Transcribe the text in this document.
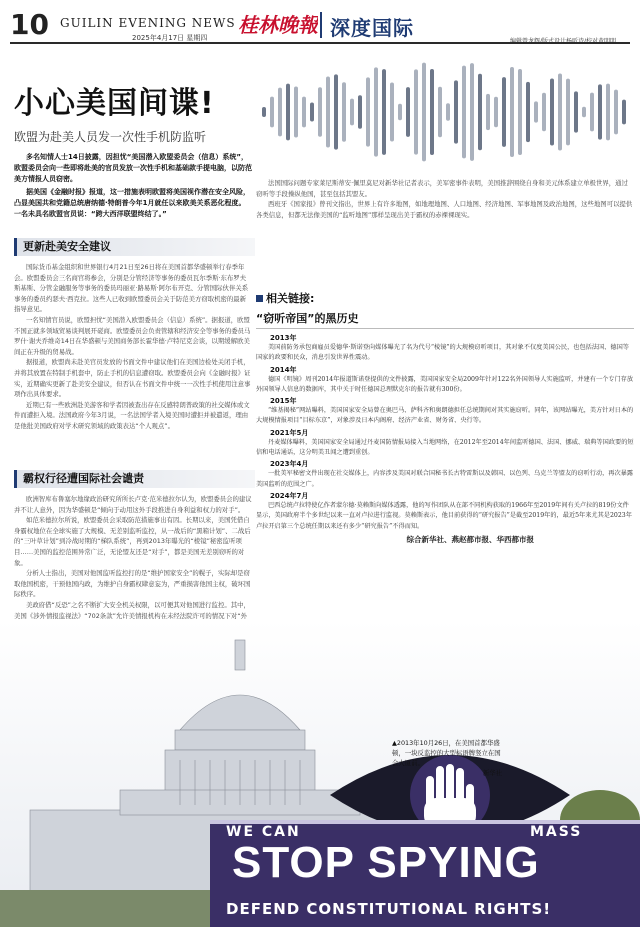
10 GUILIN EVENING NEWS
2025年4月17日 星期四
桂林晚報 深度国际
小心美国间谍!
欧盟为赴美人员发一次性手机防监听

多名知情人士14日披露，因担忧“美国潜入欧盟委员会（信息）系统”，欧盟委员会向一些即将赴美的官员发放一次性手机和基础款手提电脑，以防范美方情报人员窃密。

据美国《金融时报》报道，这一措施表明欧盟将美国视作潜在安全风险，凸显美国共和党籍总统唐纳德·特朗普今年1月就任以来欧美关系恶化程度。一名未具名欧盟官员说：“跨大西洋联盟终结了。”

更新赴美安全建议

国际货币基金组织和世界银行4月21日至26日将在美国首都华盛顿举行春季年会。欧盟委员会三名商官将参会，分别是分管经济等事务的委员瓦尔季斯·东布罗夫斯基斯、分管金融服务等事务的委员玛丽亚·路易斯·阿尔布开克、分管国际伙伴关系事务的委员约瑟夫·西克拉。这些人已收到欧盟委员会关于防范美方窃取机密的最新指导意见。

一名知情官员说，欧盟担忧“美国潜入欧盟委员会（信息）系统”。据报道，欧盟不国正就多领域贸易谈判展开磋商。欧盟委员会负责管辖和经济安全等事务的委员马罗什·谢夫乔维奇14日在华盛顿与美国商务部长霍华德·卢特尼克会谈，以期缓解欧美间正在升级的贸易战。

据报道，欧盟尚未赴美官员发放的书面文件中建议他们在美国边检处关闭手机，并将其放置在特制手机套中，防止手机的信息遭窃取。欧盟委员会向《金融时报》证实，近期确实更新了赴美安全建议，但否认在书面文件中统一一次性手机使用注意事项作出具体要求。

近期已有一些欧洲赴美游客和学者因被查出存在反感特朗普政策的社交媒体或文件而遭拒入境。法国政府今年3月说，一名法国学者入境美国时遭拒并被遣返，理由是他批美国政府对学术研究领域的政策表达“个人观点”。

霸权行径遭国际社会谴责

欧洲智库布鲁塞尔地缘政治研究所所长卢克·范米德拉尔认为，欧盟委员会的建议并不让人意外，因为华盛顿是“倾向于动用这外手段推进自身利益和权力的对手”。

如范米德拉尔所说，欧盟委员会采取防范措施事出有因。长期以来，美国凭借自身霸权地位在全球实施了大规模、无差别监听监控，从一战后的“黑箱计划”、二战后的“三叶草计划”到冷战时期的“梯队系统”，再到2013年曝光的“棱镜”秘密监听项目……美国的监控范围异常广泛，无论盟友还是“对手”，都是美国无差别窃听的对象。

分析人士指出，美国对他国监听监控打的是“维护国家安全”的幌子，实际却是窃取他国机密，干预他国内政，为维护自身霸权肆意妄为，严重损害他国主权，破坏国际秩序。

美政府借“反恐”之名不断扩大安全机关权限，以可便其对他国进行监控。其中，美国《涉外情报监视法》“702条款”允许美情报机构在未经法院许可的情况下对“外

法国国际问题专家莱尼斯蒂安·佩里莫尼对新华社记者表示，美军密事件表明，美国推辞围绕自身和美元体系建立单极世界，通过窃听等手段操纵他国，甚至包括其盟友。

西班牙《国家报》曾刊文指出，世界上有许多地图，如地理地图、人口地图、经济地图、军事地图及政治地图，这些地图可以提供各类信息，但都无法像美国的“监听地图”那样呈现出美于霸权的赤裸裸现实。

相关链接:
“窃听帝国”的黑历史
2013年
美国前防务承包商雇员爱德华·斯诺登向媒体曝光了名为代号“棱镜”的大规模窃听项目，其对象不仅度美国公民，也包括法国、德国等国家的政要和民众，消息引发世界性震动。
2014年
德国《明镜》周刊2014年报道斯诺登提供的文件披露，美国国家安全局2009年针对122名外国领导人实施监听，并建有一个专门存放外国领导人信息的数据库，其中关于时任德国总理默克尔的报告就有300份。
2015年
“维基揭秘”网站曝料，美国国家安全局曾在奥巴马、萨科齐和奥朗德担任总统期间对其实施窃听。同年，该网站曝光，美方针对日本的大规模情报项目“目标东京”，对象涉及日本内阁府、经济产业省、财务省、央行等。
2021年5月
丹麦媒体曝料，美国国家安全局通过丹麦国防情报局接入当地网络，在2012年至2014年间监听德国、法国、挪威、瑞典等国政要的短信和电话通话，这分明美丑闻之遭到重创。
2023年4月
一批美军秘密文件出现在社交媒体上，内容涉及美国对联合国秘书长古特雷斯以及韩国、以色列、乌克兰等盟友的窃听行动，再次暴露美国监听的范围之广。
2024年7月
巴西总统卢拉特使亿作者蒙尔德·莫赖斯向媒体透露，他的写作团队从在部不同机构获取的1966年至2019年间有关卢拉的819份文件显示，美国政府半个多世纪以来一直对卢拉进行监视。莫赖斯表示，他目前获得的“研究报告”是截至2019年的，最近5年来尤其是2023年卢拉开启第三个总统任期以来还有多少“研究报告”不得而知。
综合新华社、燕赵都市报、华西都市报
WE CAN	MASS
STOP SPYING
DEFEND CONSTITUTIONAL RIGHTS!
▲2013年10月26日，在美国首都华盛顿，一块反监控的大型标语牌竖立在国会大厦前。
新华社
